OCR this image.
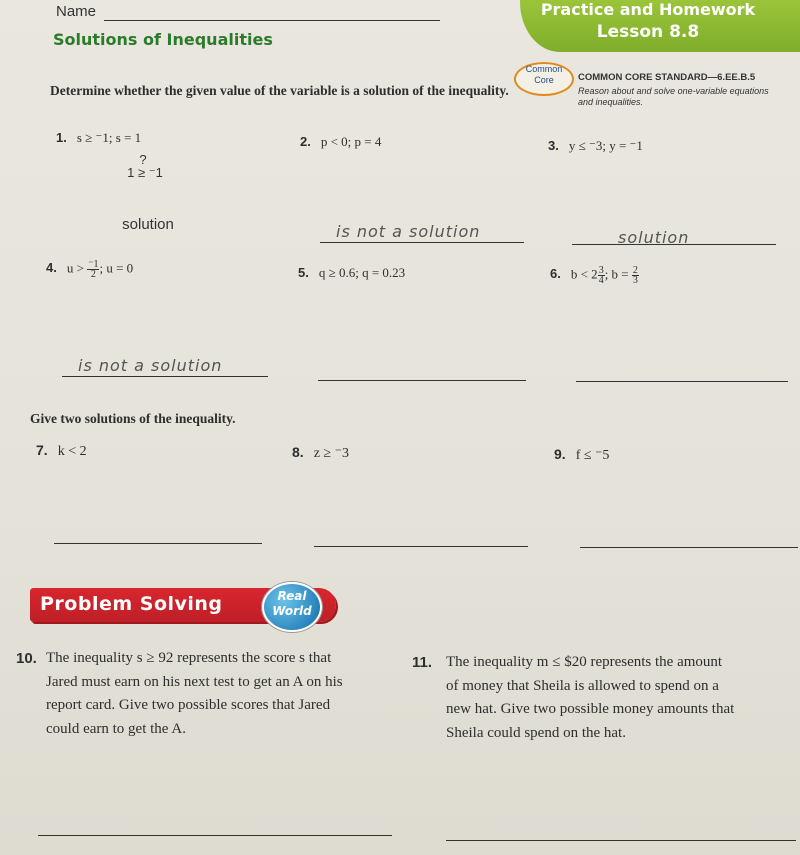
Name
Solutions of Inequalities
Practice and Homework
Lesson 8.8
Common
Core	COMMON CORE STANDARD—6.EE.B.5
Reason about and solve one-variable equations and inequalities.
Determine whether the given value of the variable is a solution of the inequality.
1. s ≥ ⁻1; s = 1	2. p < 0; p = 4	3. y ≤ ⁻3; y = ⁻1
?
1 ≥ ⁻1
solution	is not a solution	solution
4. $u > \frac{^-1}{2}$ ; u = 0	5. q ≥ 0.6; q = 0.23	6. $b < 2 \frac{3}{4}$ ; $b = \frac{2}{3}$
is not a solution
Give two solutions of the inequality.
7. k < 2	8. z ≥ ⁻3	9. f ≤ ⁻5
Problem Solving	Real
World
10. The inequality s ≥ 92 represents the score s that
Jared must earn on his next test to get an A on his
report card. Give two possible scores that Jared
could earn to get the A.
11. The inequality m ≤ $20 represents the amount
of money that Sheila is allowed to spend on a
new hat. Give two possible money amounts that
Sheila could spend on the hat.
